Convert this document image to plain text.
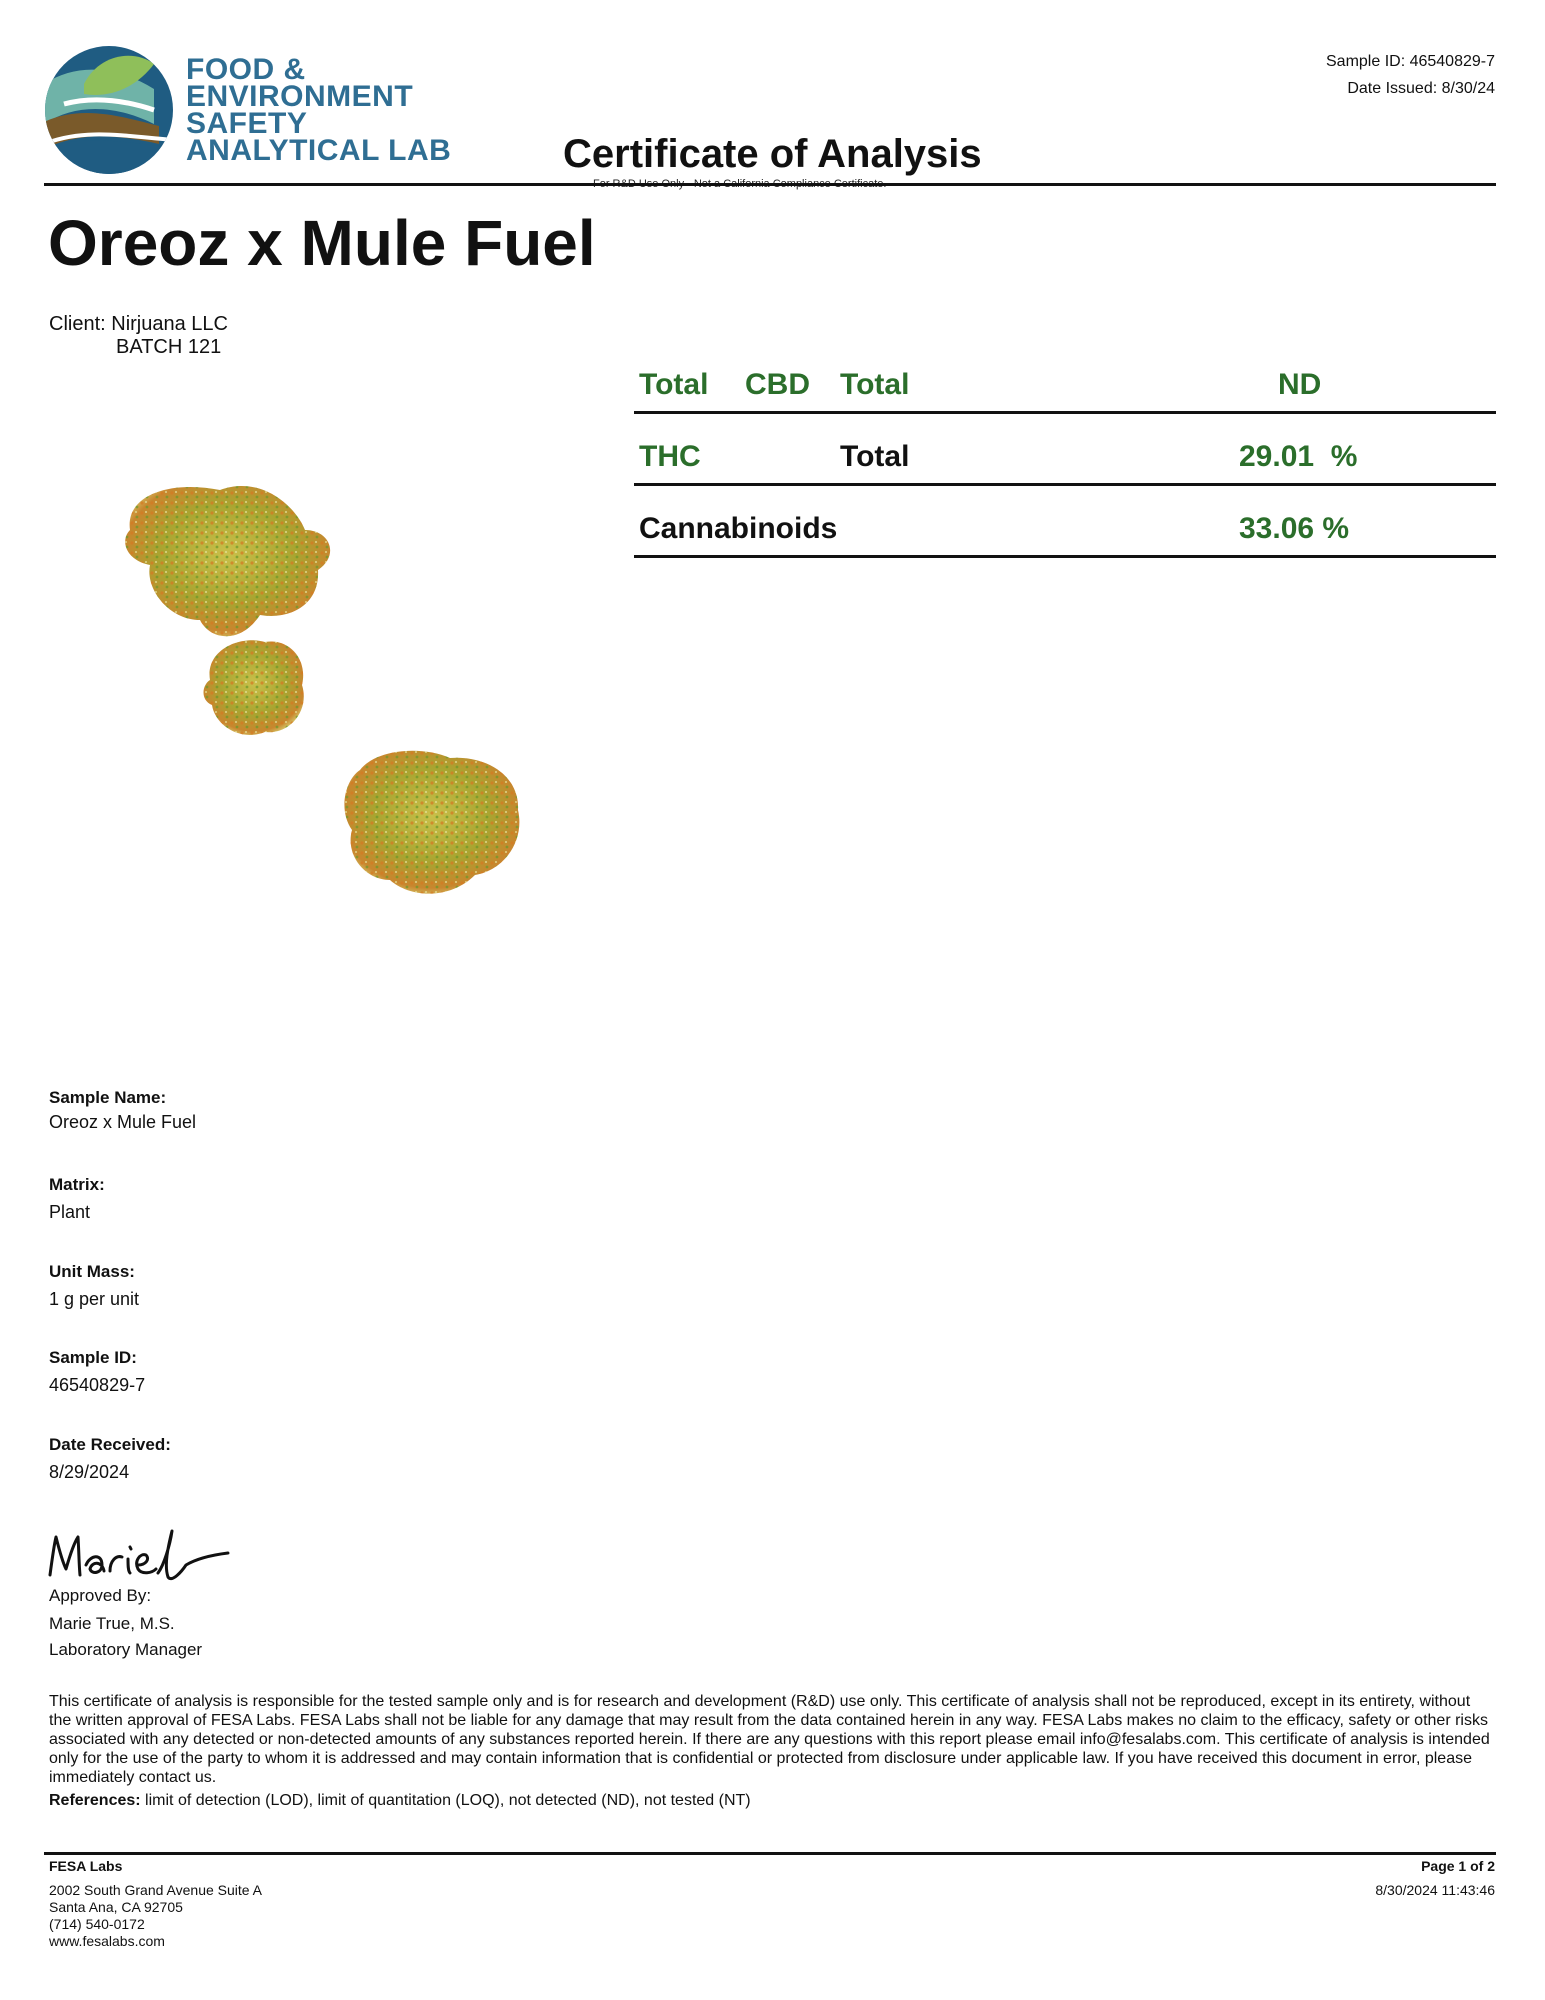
FOOD &
ENVIRONMENT
SAFETY
ANALYTICAL LAB
Sample ID: 46540829-7
Date Issued: 8/30/24
Certificate of Analysis
Oreoz x Mule Fuel
Client: Nirjuana LLC
BATCH 121
Total CBD Total	ND
THC	Total	29.01  %
Cannabinoids	33.06 %
Sample Name:
Oreoz x Mule Fuel
Matrix:
Plant
Unit Mass:
1 g per unit
Sample ID:
46540829-7
Date Received:
8/29/2024
Approved By:
Marie True, M.S.
Laboratory Manager
This certificate of analysis is responsible for the tested sample only and is for research and development (R&D) use only. This certificate of analysis shall not be reproduced, except in its entirety, without the written approval of FESA Labs. FESA Labs shall not be liable for any damage that may result from the data contained herein in any way. FESA Labs makes no claim to the efficacy, safety or other risks associated with any detected or non-detected amounts of any substances reported herein. If there are any questions with this report please email info@fesalabs.com. This certificate of analysis is intended only for the use of the party to whom it is addressed and may contain information that is confidential or protected from disclosure under applicable law. If you have received this document in error, please immediately contact us.
References: limit of detection (LOD), limit of quantitation (LOQ), not detected (ND), not tested (NT)
FESA Labs
2002 South Grand Avenue Suite A
Santa Ana, CA 92705
(714) 540-0172
www.fesalabs.com
Page 1 of 2
8/30/2024 11:43:46
